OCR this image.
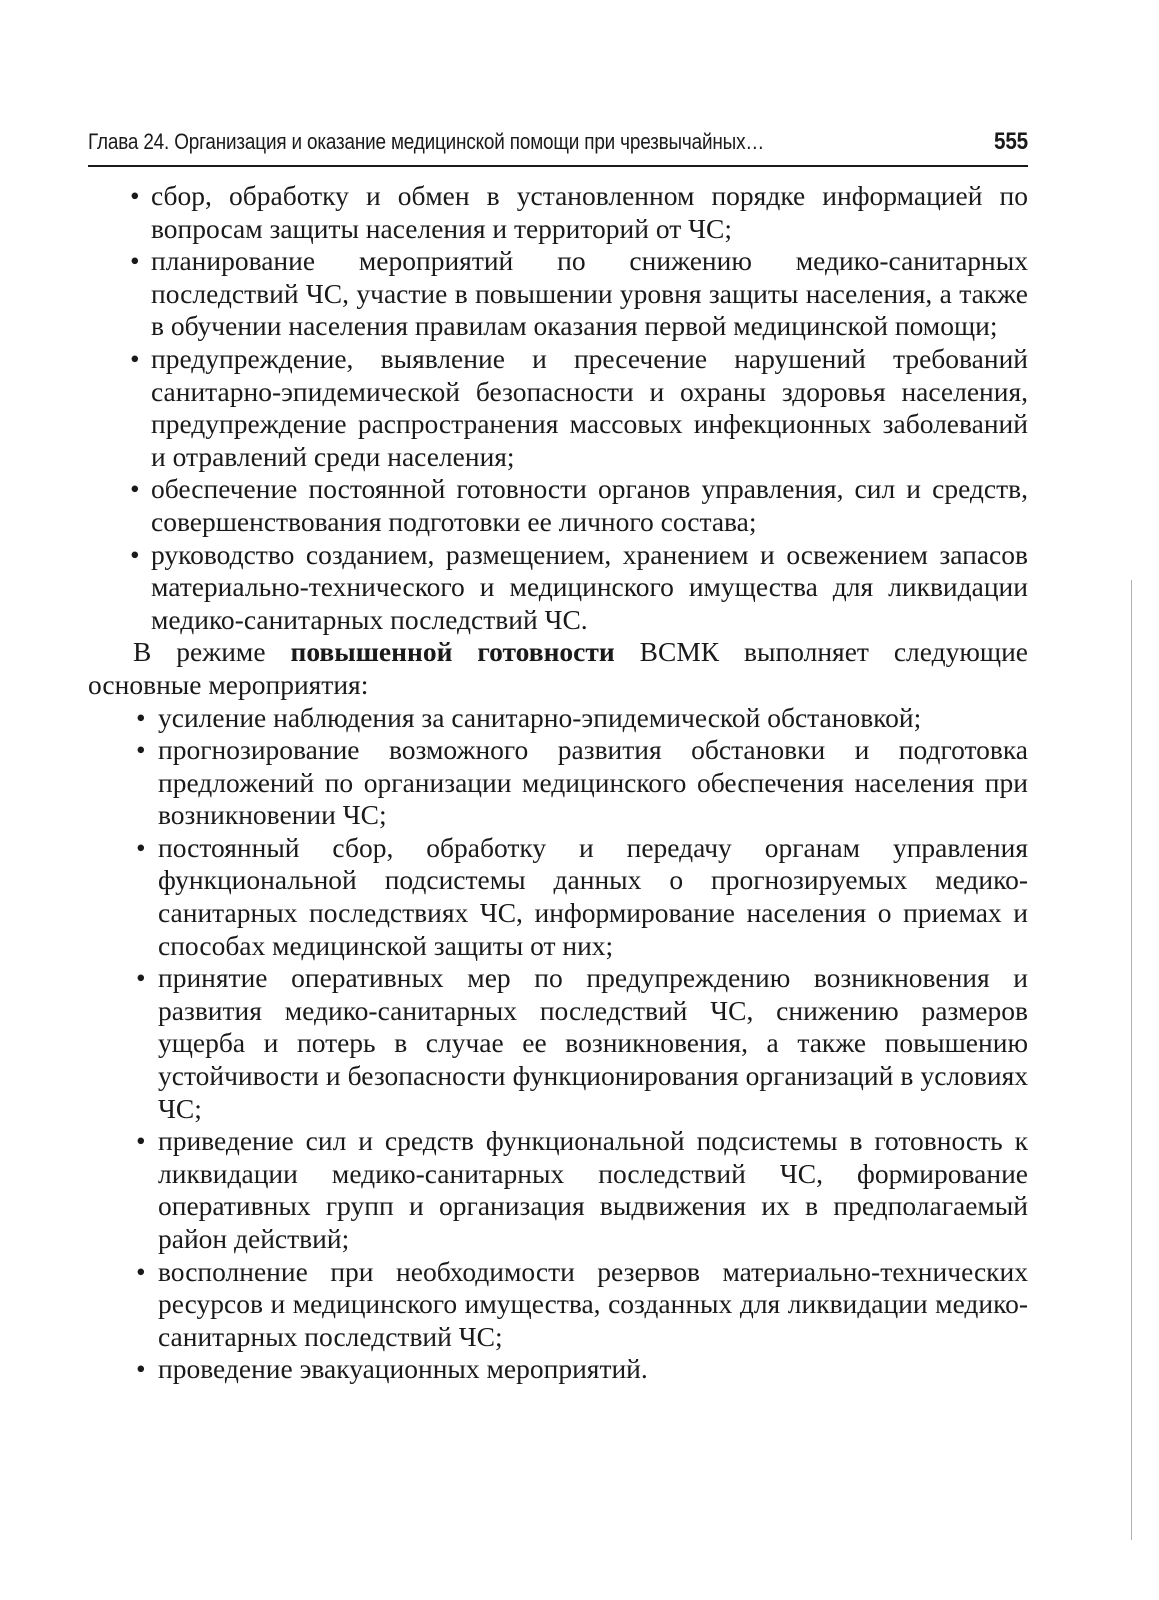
Глава 24. Организация и оказание медицинской помощи при чрезвычайных…	555
• сбор, обработку и обмен в установленном порядке информацией по вопросам защиты населения и территорий от ЧС;
• планирование мероприятий по снижению медико-санитарных последствий ЧС, участие в повышении уровня защиты населения, а также в обучении населения правилам оказания первой медицинской помощи;
• предупреждение, выявление и пресечение нарушений требований санитарно-эпидемической безопасности и охраны здоровья населения, предупреждение распространения массовых инфекционных заболеваний и отравлений среди населения;
• обеспечение постоянной готовности органов управления, сил и средств, совершенствования подготовки ее личного состава;
• руководство созданием, размещением, хранением и освежением запасов материально-технического и медицинского имущества для ликвидации медико-санитарных последствий ЧС.

В режиме повышенной готовности ВСМК выполняет следующие основные мероприятия:

• усиление наблюдения за санитарно-эпидемической обстановкой;
• прогнозирование возможного развития обстановки и подготовка предложений по организации медицинского обеспечения населения при возникновении ЧС;
• постоянный сбор, обработку и передачу органам управления функциональной подсистемы данных о прогнозируемых медико-санитарных последствиях ЧС, информирование населения о приемах и способах медицинской защиты от них;
• принятие оперативных мер по предупреждению возникновения и развития медико-санитарных последствий ЧС, снижению размеров ущерба и потерь в случае ее возникновения, а также повышению устойчивости и безопасности функционирования организаций в условиях ЧС;
• приведение сил и средств функциональной подсистемы в готовность к ликвидации медико-санитарных последствий ЧС, формирование оперативных групп и организация выдвижения их в предполагаемый район действий;
• восполнение при необходимости резервов материально-технических ресурсов и медицинского имущества, созданных для ликвидации медико-санитарных последствий ЧС;
• проведение эвакуационных мероприятий.
